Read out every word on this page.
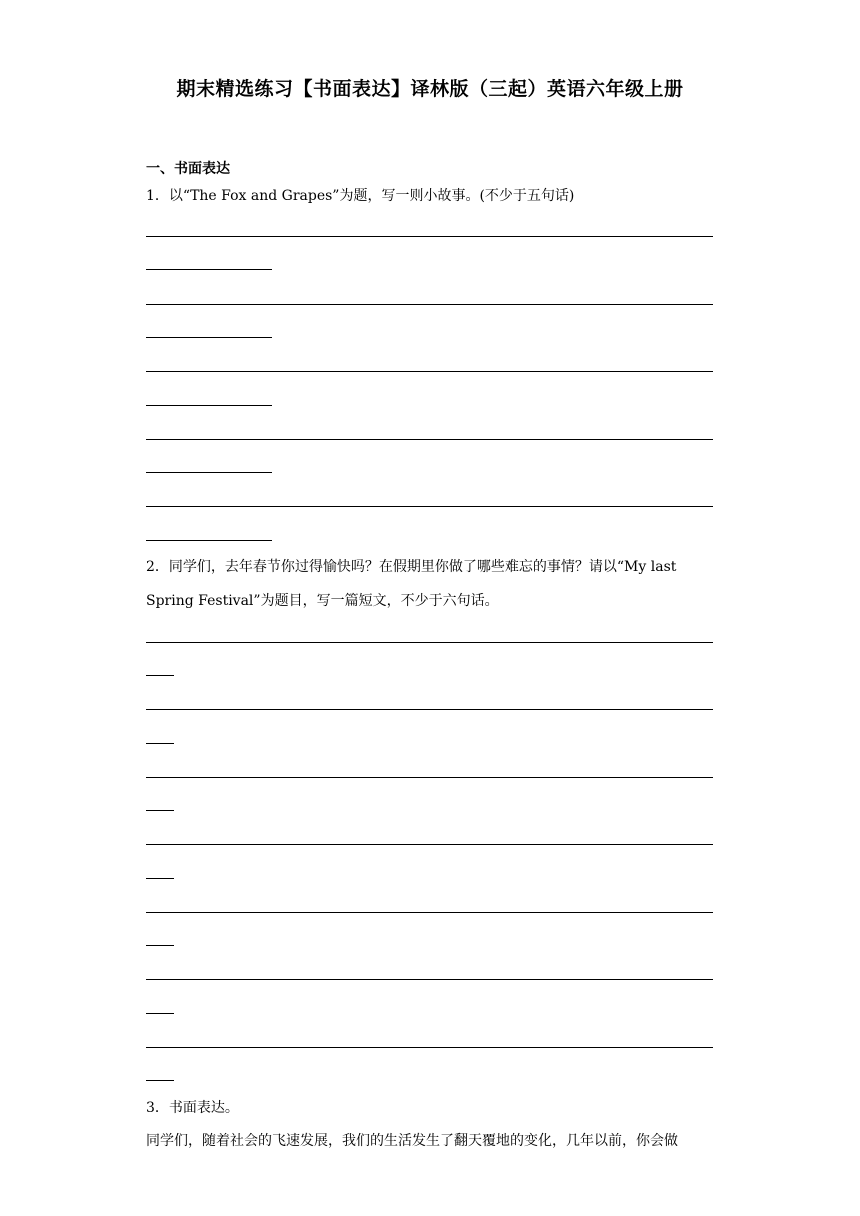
期末精选练习【书面表达】译林版（三起）英语六年级上册
一、书面表达
1．以“The Fox and Grapes”为题，写一则小故事。(不少于五句话)
2．同学们，去年春节你过得愉快吗？在假期里你做了哪些难忘的事情？请以“My last
Spring Festival”为题目，写一篇短文，不少于六句话。
3．书面表达。
同学们，随着社会的飞速发展，我们的生活发生了翻天覆地的变化，几年以前，你会做
